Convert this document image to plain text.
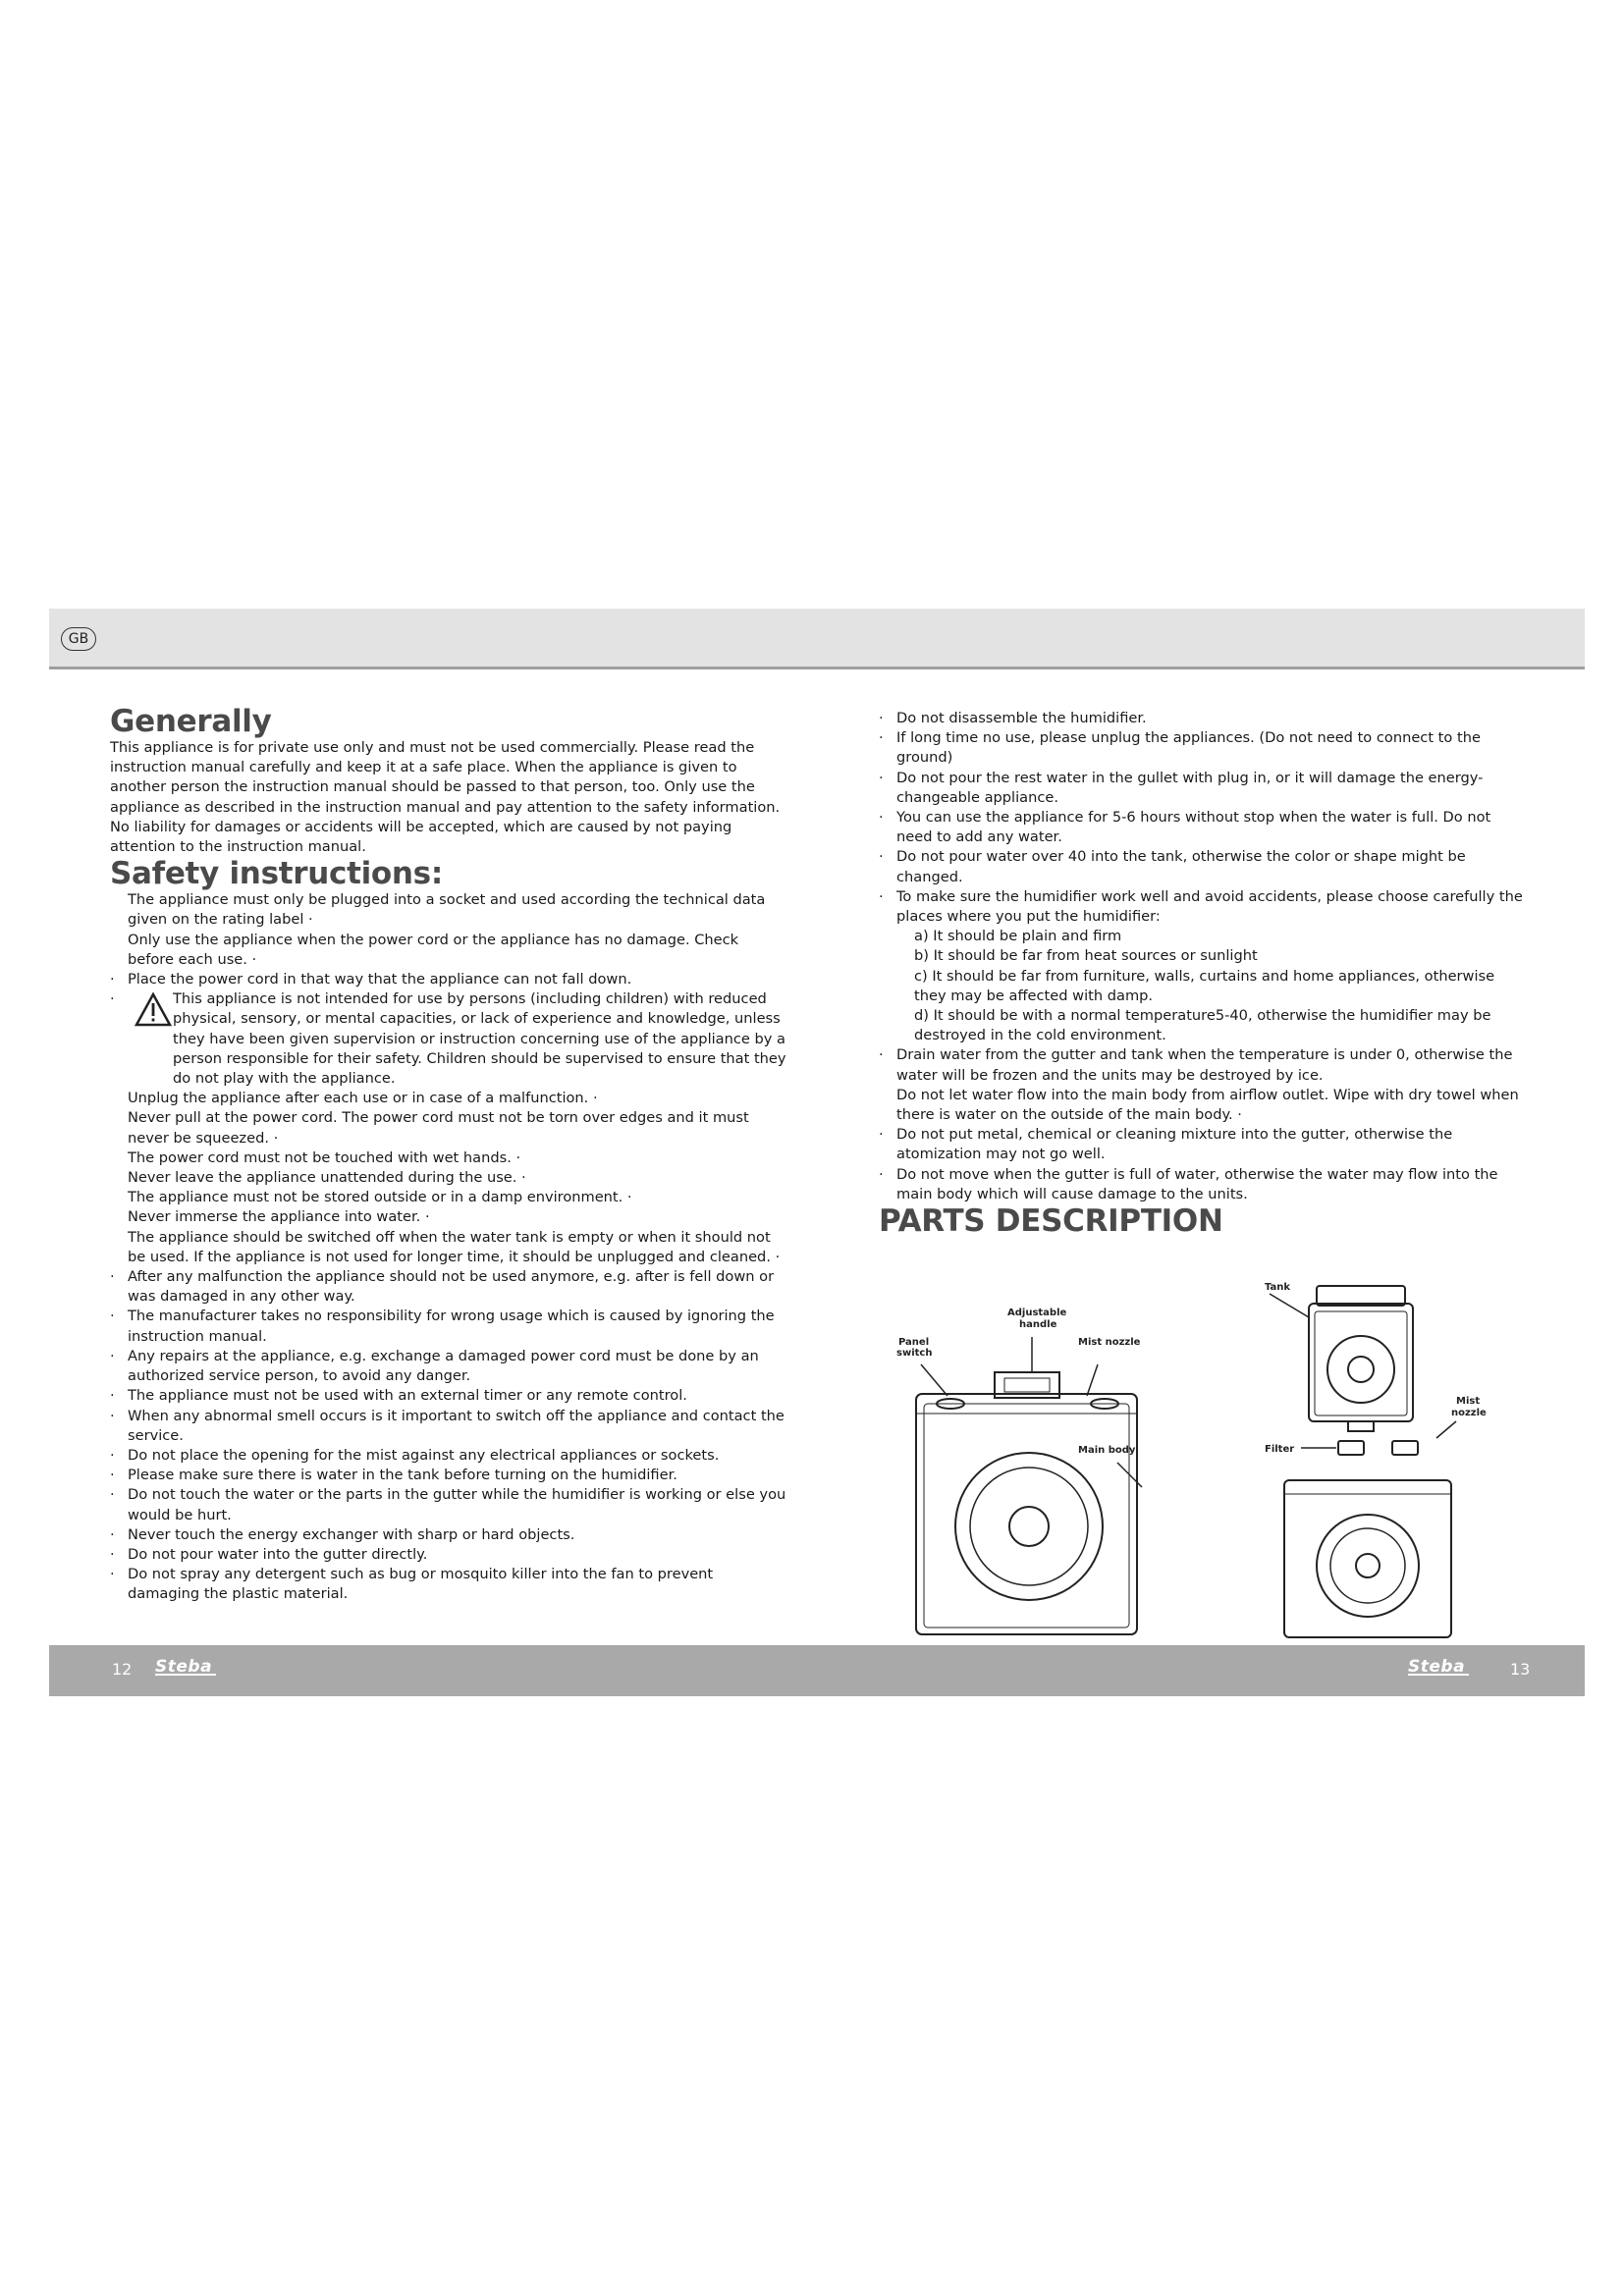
GB
Generally

This appliance is for private use only and must not be used commercially. Please read the instruction manual carefully and keep it at a safe place. When the appliance is given to another person the instruction manual should be passed to that person, too. Only use the appliance as described in the instruction manual and pay attention to the safety information. No liability for damages or accidents will be accepted, which are caused by not paying attention to the instruction manual.

Safety instructions:
The appliance must only be plugged into a socket and used according the technical data given on the rating label ·
Only use the appliance when the power cord or the appliance has no damage. Check before each use. ·
· Place the power cord in that way that the appliance can not fall down.
· This appliance is not intended for use by persons (including children) with reduced physical, sensory, or mental capacities, or lack of experience and knowledge, unless they have been given supervision or instruction concerning use of the appliance by a person responsible for their safety. Children should be supervised to ensure that they do not play with the appliance.
Unplug the appliance after each use or in case of a malfunction. ·
Never pull at the power cord. The power cord must not be torn over edges and it must never be squeezed. ·
The power cord must not be touched with wet hands. ·
Never leave the appliance unattended during the use. ·
The appliance must not be stored outside or in a damp environment. ·
Never immerse the appliance into water. ·
The appliance should be switched off when the water tank is empty or when it should not be used. If the appliance is not used for longer time, it should be unplugged and cleaned. ·
· After any malfunction the appliance should not be used anymore, e.g. after is fell down or was damaged in any other way.
· The manufacturer takes no responsibility for wrong usage which is caused by ignoring the instruction manual.
· Any repairs at the appliance, e.g. exchange a damaged power cord must be done by an authorized service person, to avoid any danger.
· The appliance must not be used with an external timer or any remote control.
· When any abnormal smell occurs is it important to switch off the appliance and contact the service.
· Do not place the opening for the mist against any electrical appliances or sockets.
· Please make sure there is water in the tank before turning on the humidifier.
· Do not touch the water or the parts in the gutter while the humidifier is working or else you would be hurt.
· Never touch the energy exchanger with sharp or hard objects.
· Do not pour water into the gutter directly.
· Do not spray any detergent such as bug or mosquito killer into the fan to prevent damaging the plastic material.
· Do not disassemble the humidifier.
· If long time no use, please unplug the appliances. (Do not need to connect to the ground)
· Do not pour the rest water in the gullet with plug in, or it will damage the energy-changeable appliance.
· You can use the appliance for 5-6 hours without stop when the water is full. Do not need to add any water.
· Do not pour water over 40 into the tank, otherwise the color or shape might be changed.
· To make sure the humidifier work well and avoid accidents, please choose carefully the places where you put the humidifier:
a) It should be plain and firm
b) It should be far from heat sources or sunlight
c) It should be far from furniture, walls, curtains and home appliances, otherwise they may be affected with damp.
d) It should be with a normal temperature5-40, otherwise the humidifier may be destroyed in the cold environment.
· Drain water from the gutter and tank when the temperature is under 0, otherwise the water will be frozen and the units may be destroyed by ice.
Do not let water flow into the main body from airflow outlet. Wipe with dry towel when there is water on the outside of the main body. ·
· Do not put metal, chemical or cleaning mixture into the gutter, otherwise the atomization may not go well.
· Do not move when the gutter is full of water, otherwise the water may flow into the main body which will cause damage to the units.
PARTS DESCRIPTION
Panel
switch
Adjustable
handle
Mist nozzle
Main body
Tank
Mist
nozzle
Filter
12 Steba	Steba	13
